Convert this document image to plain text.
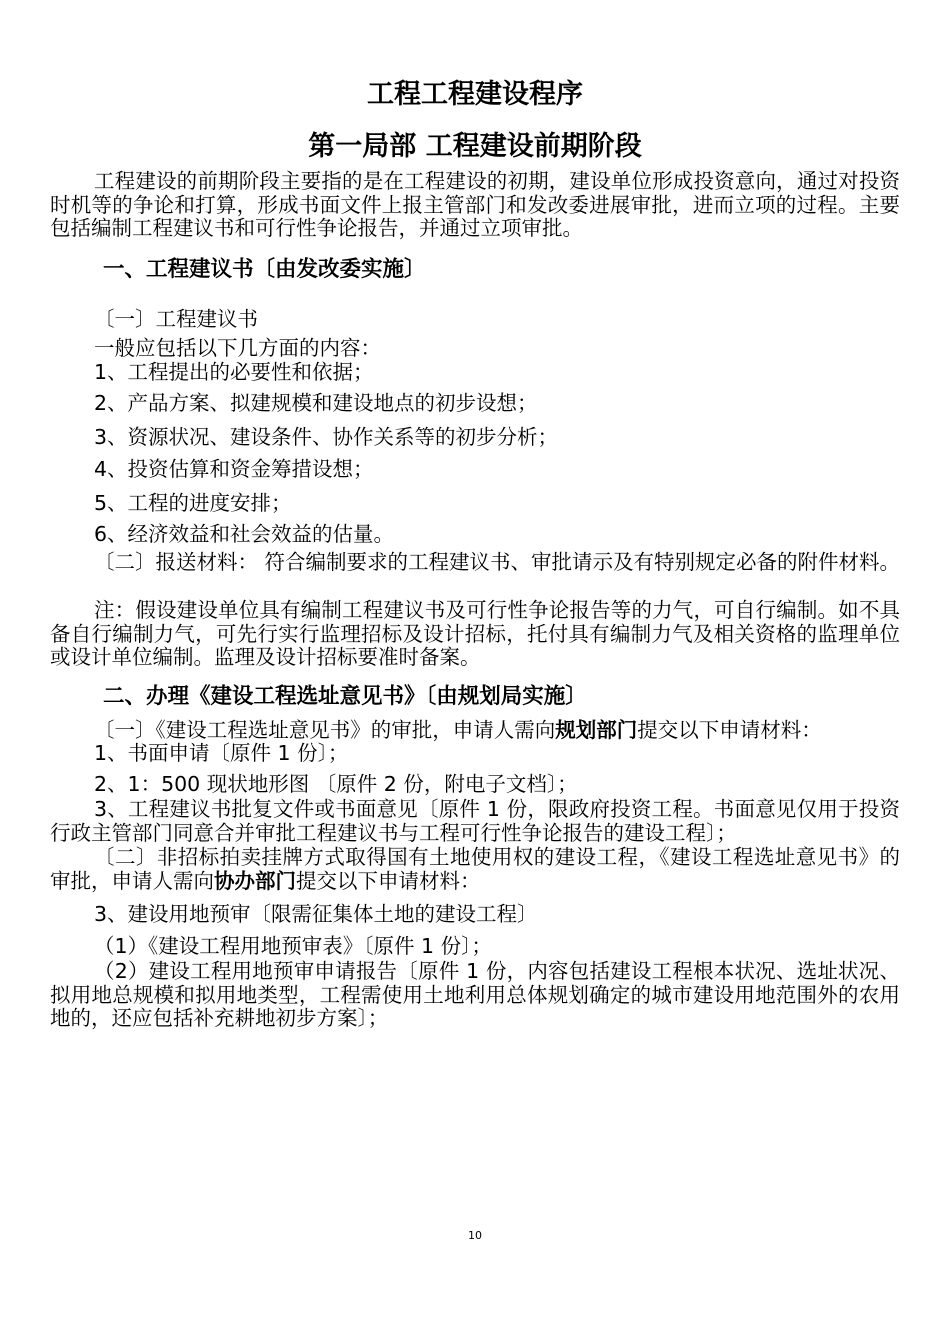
工程工程建设程序
第一局部 工程建设前期阶段

工程建设的前期阶段主要指的是在工程建设的初期，建设单位形成投资意向，通过对投资时机等的争论和打算，形成书面文件上报主管部门和发改委进展审批，进而立项的过程。主要包括编制工程建议书和可行性争论报告，并通过立项审批。

一、工程建议书〔由发改委实施〕

〔一〕工程建议书

一般应包括以下几方面的内容：

1、工程提出的必要性和依据；

2、产品方案、拟建规模和建设地点的初步设想；

3、资源状况、建设条件、协作关系等的初步分析；

4、投资估算和资金筹措设想；

5、工程的进度安排；

6、经济效益和社会效益的估量。

〔二〕报送材料： 符合编制要求的工程建议书、审批请示及有特别规定必备的附件材料。

注：假设建设单位具有编制工程建议书及可行性争论报告等的力气，可自行编制。如不具备自行编制力气，可先行实行监理招标及设计招标，托付具有编制力气及相关资格的监理单位或设计单位编制。监理及设计招标要准时备案。

二、办理《建设工程选址意见书》〔由规划局实施〕

〔一〕《建设工程选址意见书》的审批，申请人需向规划部门提交以下申请材料：

1、书面申请〔原件 1 份〕；

2、1：500 现状地形图 〔原件 2 份，附电子文档〕；

3、工程建议书批复文件或书面意见〔原件 1 份，限政府投资工程。书面意见仅用于投资行政主管部门同意合并审批工程建议书与工程可行性争论报告的建设工程〕；

〔二〕非招标拍卖挂牌方式取得国有土地使用权的建设工程，《建设工程选址意见书》的审批，申请人需向协办部门提交以下申请材料：

3、建设用地预审〔限需征集体土地的建设工程〕

（1）《建设工程用地预审表》〔原件 1 份〕；

（2）建设工程用地预审申请报告〔原件 1 份，内容包括建设工程根本状况、选址状况、拟用地总规模和拟用地类型，工程需使用土地利用总体规划确定的城市建设用地范围外的农用地的，还应包括补充耕地初步方案〕；

10
